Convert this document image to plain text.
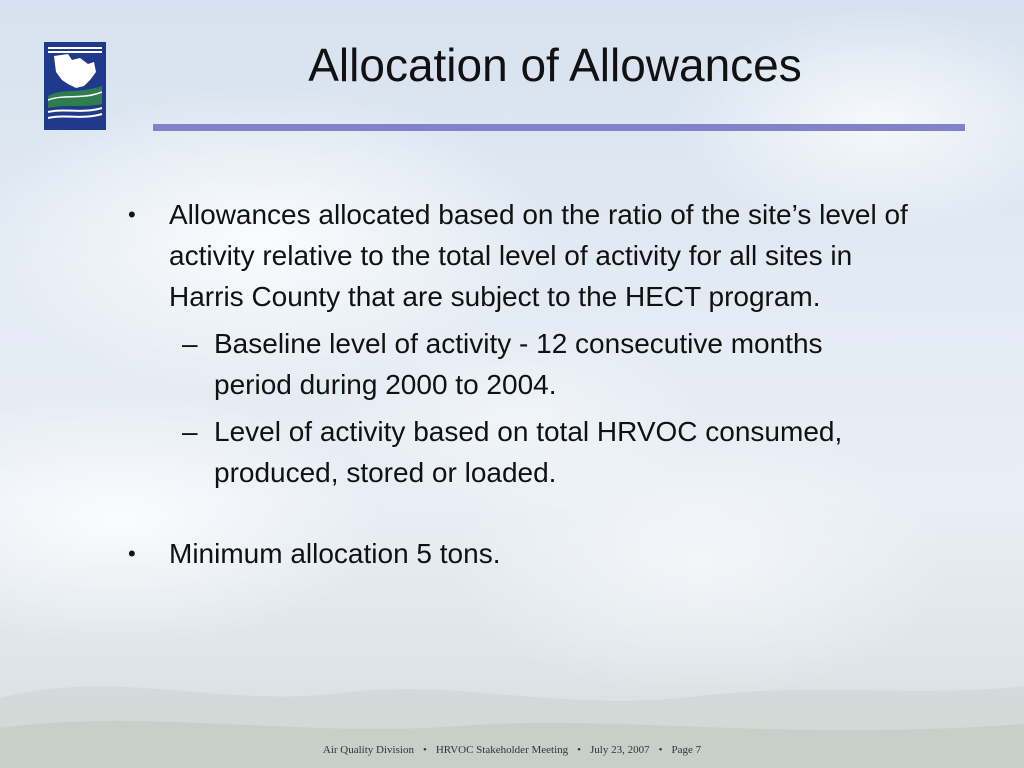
Allocation of Allowances
•	Allowances allocated based on the ratio of the site’s level of activity relative to the total level of activity for all sites in Harris County that are subject to the HECT program.
– Baseline level of activity - 12 consecutive months period during 2000 to 2004.
– Level of activity based on total HRVOC consumed, produced, stored or loaded.
•	Minimum allocation 5 tons.
Air Quality Division • HRVOC Stakeholder Meeting • July 23, 2007 • Page 7
